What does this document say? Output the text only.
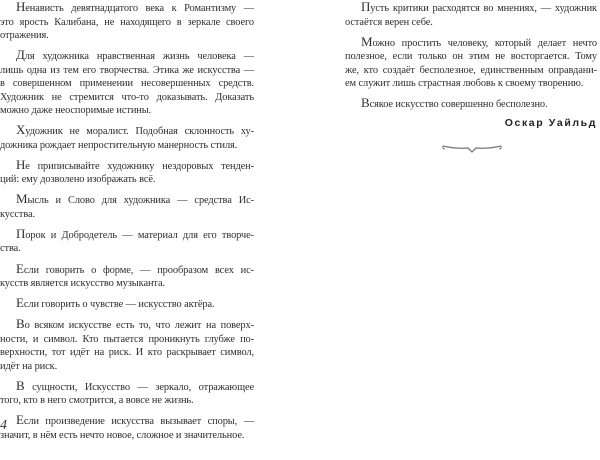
Ненависть девятнадцатого века к Романтизму —
это ярость Калибана, не находящего в зеркале своего
отражения.
Для художника нравственная жизнь человека —
лишь одна из тем его творчества. Этика же искусства —
в совершенном применении несовершенных средств.
Художник не стремится что-то доказывать. Доказать
можно даже неоспоримые истины.
Художник не моралист. Подобная склонность ху-
дожника рождает непростительную манерность стиля.
Не приписывайте художнику нездоровых тенден-
ций: ему дозволено изображать всё.
Мысль и Слово для художника — средства Ис-
кусства.
Порок и Добродетель — материал для его творче-
ства.
Если говорить о форме, — прообразом всех ис-
кусств является искусство музыканта.
Если говорить о чувстве — искусство актёра.
Во всяком искусстве есть то, что лежит на поверх-
ности, и символ. Кто пытается проникнуть глубже по-
верхности, тот идёт на риск. И кто раскрывает символ,
идёт на риск.
В сущности, Искусство — зеркало, отражающее
того, кто в него смотрится, а вовсе не жизнь.
Если произведение искусства вызывает споры, —
значит, в нём есть нечто новое, сложное и значительное.
Пусть критики расходятся во мнениях, — художник
остаётся верен себе.
Можно простить человеку, который делает нечто
полезное, если только он этим не восторгается. Тому
же, кто создаёт бесполезное, единственным оправдани-
ем служит лишь страстная любовь к своему творению.
Всякое искусство совершенно бесполезно.
Оскар Уайльд
4
